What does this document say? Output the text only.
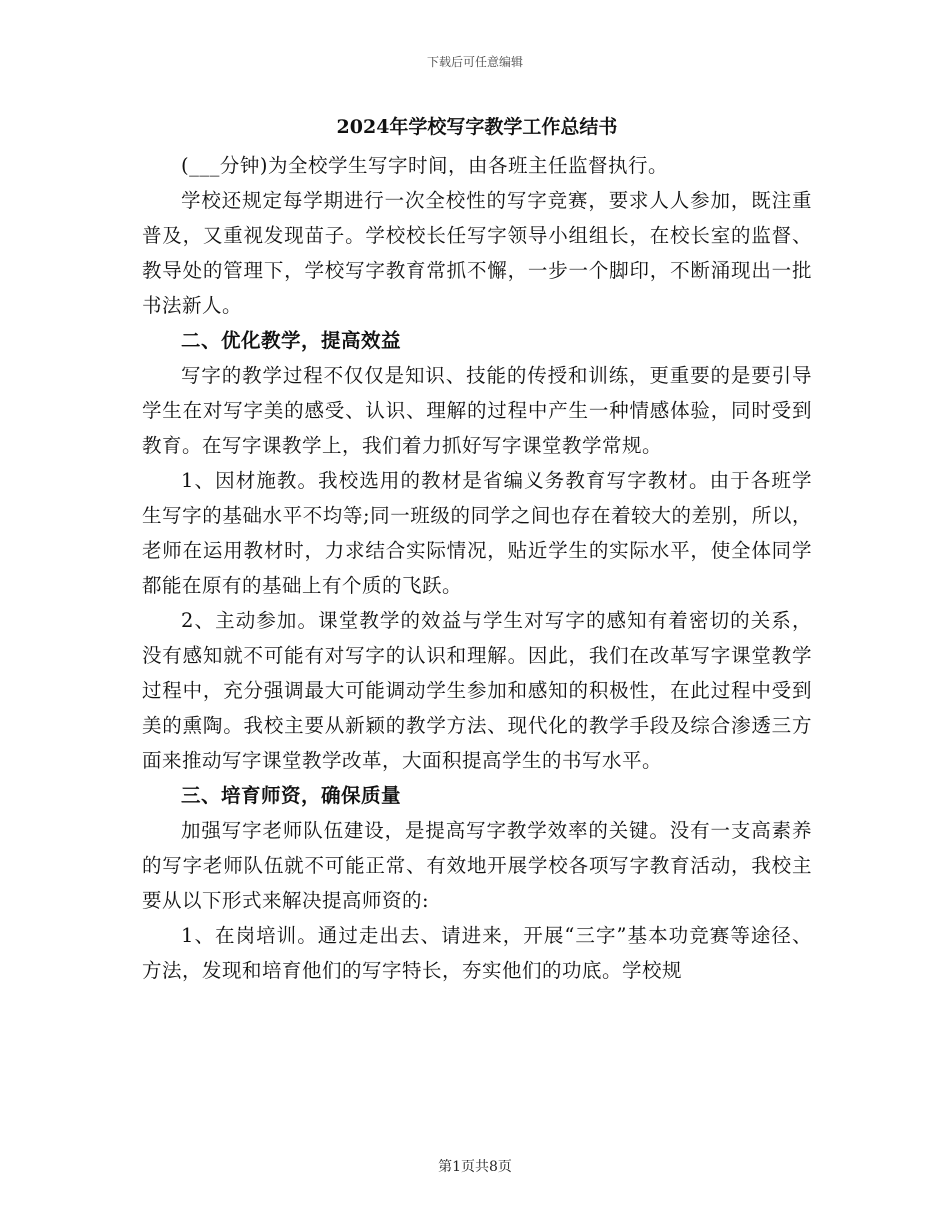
下载后可任意编辑
2024年学校写字教学工作总结书

(___分钟)为全校学生写字时间，由各班主任监督执行。

学校还规定每学期进行一次全校性的写字竞赛，要求人人参加，既注重普及，又重视发现苗子。学校校长任写字领导小组组长，在校长室的监督、教导处的管理下，学校写字教育常抓不懈，一步一个脚印，不断涌现出一批书法新人。

二、优化教学，提高效益

写字的教学过程不仅仅是知识、技能的传授和训练，更重要的是要引导学生在对写字美的感受、认识、理解的过程中产生一种情感体验，同时受到教育。在写字课教学上，我们着力抓好写字课堂教学常规。

1、因材施教。我校选用的教材是省编义务教育写字教材。由于各班学生写字的基础水平不均等;同一班级的同学之间也存在着较大的差别，所以，老师在运用教材时，力求结合实际情况，贴近学生的实际水平，使全体同学都能在原有的基础上有个质的飞跃。

2、主动参加。课堂教学的效益与学生对写字的感知有着密切的关系，没有感知就不可能有对写字的认识和理解。因此，我们在改革写字课堂教学过程中，充分强调最大可能调动学生参加和感知的积极性，在此过程中受到美的熏陶。我校主要从新颖的教学方法、现代化的教学手段及综合渗透三方面来推动写字课堂教学改革，大面积提高学生的书写水平。

三、培育师资，确保质量

加强写字老师队伍建设，是提高写字教学效率的关键。没有一支高素养的写字老师队伍就不可能正常、有效地开展学校各项写字教育活动，我校主要从以下形式来解决提高师资的:

1、在岗培训。通过走出去、请进来，开展“三字”基本功竞赛等途径、方法，发现和培育他们的写字特长，夯实他们的功底。学校规

第1页共8页
